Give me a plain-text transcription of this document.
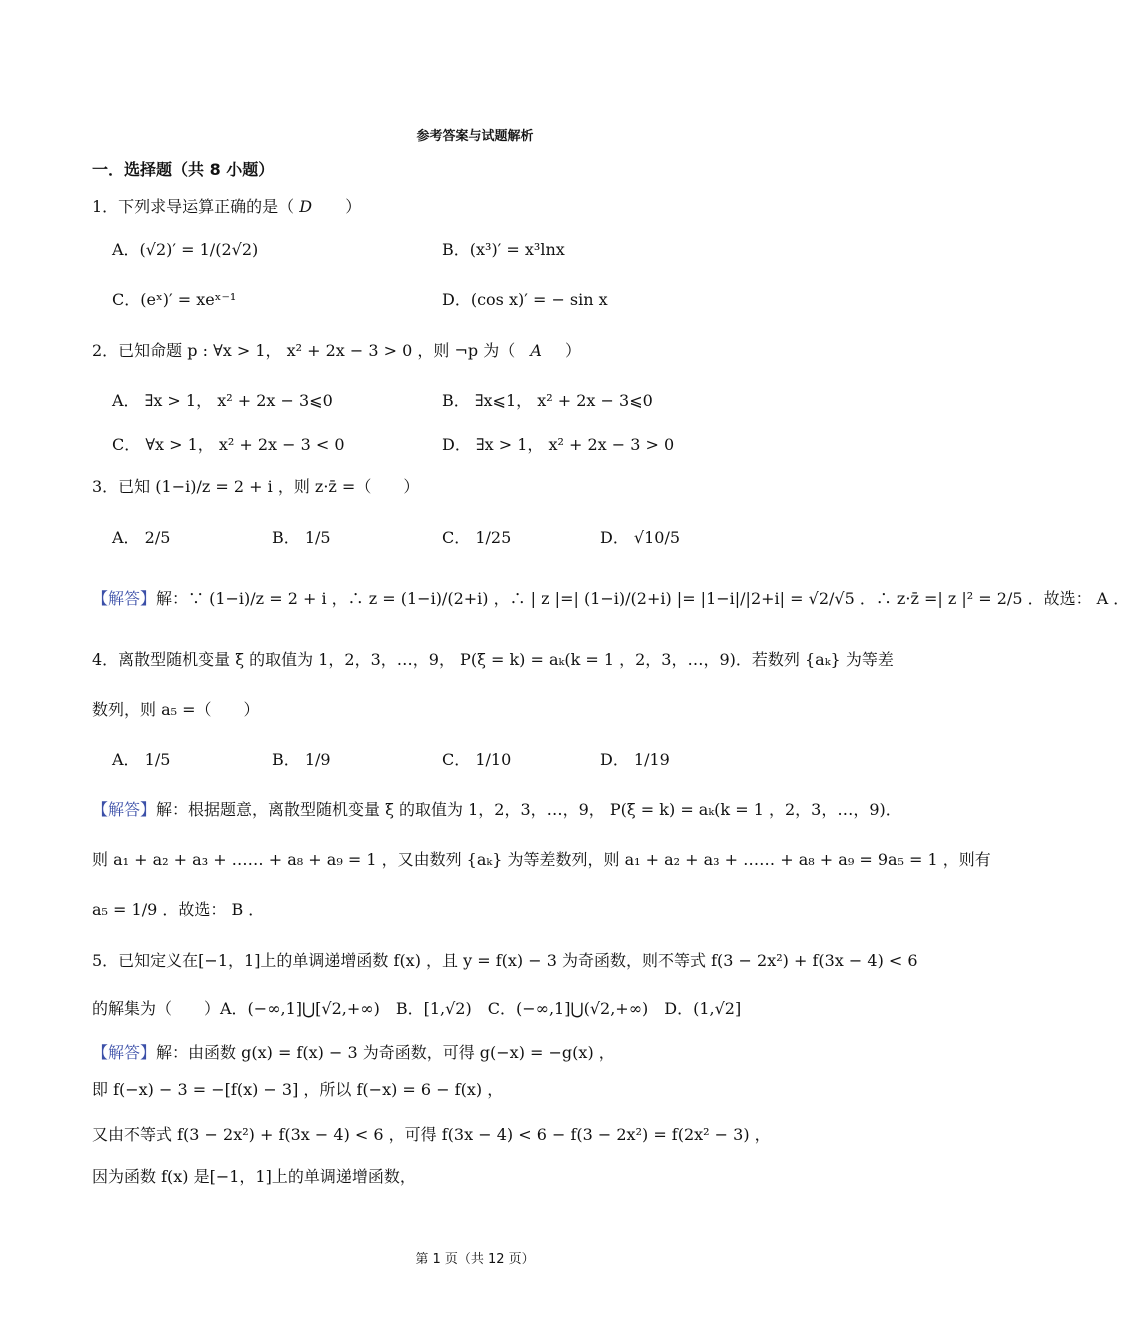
参考答案与试题解析
一．选择题（共 8 小题）
1．下列求导运算正确的是（ D ）
A．(√2)′ = 1/(2√2)	B．(x³)′ = x³lnx
C．(eˣ)′ = xeˣ⁻¹	D．(cos x)′ = − sin x
2．已知命题 p : ∀x > 1， x² + 2x − 3 > 0 ，则 ¬p 为（ A ）
A． ∃x > 1， x² + 2x − 3⩽0	B． ∃x⩽1， x² + 2x − 3⩽0
C． ∀x > 1， x² + 2x − 3 < 0	D． ∃x > 1， x² + 2x − 3 > 0
3．已知 (1−i)/z = 2 + i ，则 z·z̄ =（　　）
A． 2/5	B． 1/5	C． 1/25	D． √10/5
【解答】解：∵ (1−i)/z = 2 + i ，∴ z = (1−i)/(2+i) ，∴ | z |=| (1−i)/(2+i) |= |1−i|/|2+i| = √2/√5 ．∴ z·z̄ =| z |² = 2/5 ．故选： A ．
4．离散型随机变量 ξ 的取值为 1，2，3，…，9， P(ξ = k) = aₖ(k = 1 ，2，3，…，9)．若数列 {aₖ} 为等差
数列，则 a₅ =（　　）
A． 1/5	B． 1/9	C． 1/10	D． 1/19
【解答】解：根据题意，离散型随机变量 ξ 的取值为 1，2，3，…，9， P(ξ = k) = aₖ(k = 1 ，2，3，…，9)．
则 a₁ + a₂ + a₃ + …… + a₈ + a₉ = 1 ，又由数列 {aₖ} 为等差数列，则 a₁ + a₂ + a₃ + …… + a₈ + a₉ = 9a₅ = 1 ，则有
a₅ = 1/9 ．故选： B ．
5．已知定义在[−1，1]上的单调递增函数 f(x) ，且 y = f(x) − 3 为奇函数，则不等式 f(3 − 2x²) + f(3x − 4) < 6
的解集为（　　）A．(−∞,1]⋃[√2,+∞)　B．[1,√2)　C．(−∞,1]⋃(√2,+∞)　D．(1,√2]
【解答】解：由函数 g(x) = f(x) − 3 为奇函数，可得 g(−x) = −g(x) ，
即 f(−x) − 3 = −[f(x) − 3] ，所以 f(−x) = 6 − f(x) ，
又由不等式 f(3 − 2x²) + f(3x − 4) < 6 ，可得 f(3x − 4) < 6 − f(3 − 2x²) = f(2x² − 3) ，
因为函数 f(x) 是[−1，1]上的单调递增函数，
第 1 页（共 12 页）
